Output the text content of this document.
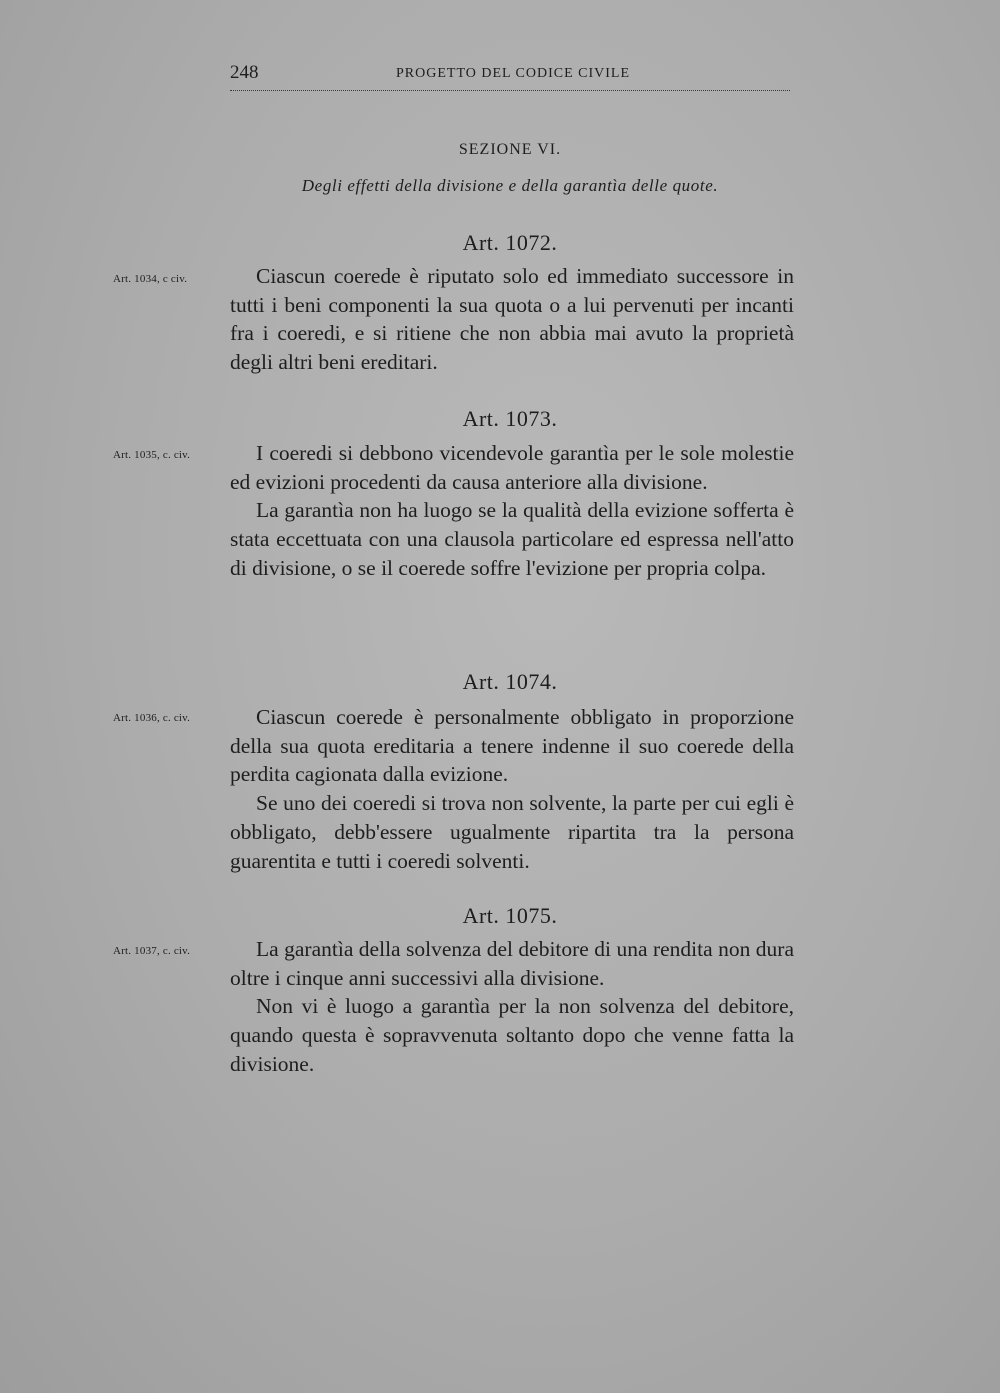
248	PROGETTO DEL CODICE CIVILE
SEZIONE VI.
Degli effetti della divisione e della garantìa delle quote.
Art. 1072.
Art. 1034, c civ.	Ciascun coerede è riputato solo ed immediato successore in tutti i beni componenti la sua quota o a lui pervenuti per incanti fra i coeredi, e si ritiene che non abbia mai avuto la proprietà degli altri beni ereditari.

Art. 1073.
Art. 1035, c. civ.	I coeredi si debbono vicendevole garantìa per le sole molestie ed evizioni procedenti da causa anteriore alla divisione.

La garantìa non ha luogo se la qualità della evizione sofferta è stata eccettuata con una clausola particolare ed espressa nell'atto di divisione, o se il coerede soffre l'evizione per propria colpa.

Art. 1074.
Art. 1036, c. civ.	Ciascun coerede è personalmente obbligato in proporzione della sua quota ereditaria a tenere indenne il suo coerede della perdita cagionata dalla evizione.

Se uno dei coeredi si trova non solvente, la parte per cui egli è obbligato, debb'essere ugualmente ripartita tra la persona guarentita e tutti i coeredi solventi.

Art. 1075.
Art. 1037, c. civ.	La garantìa della solvenza del debitore di una rendita non dura oltre i cinque anni successivi alla divisione.

Non vi è luogo a garantìa per la non solvenza del debitore, quando questa è sopravvenuta soltanto dopo che venne fatta la divisione.
